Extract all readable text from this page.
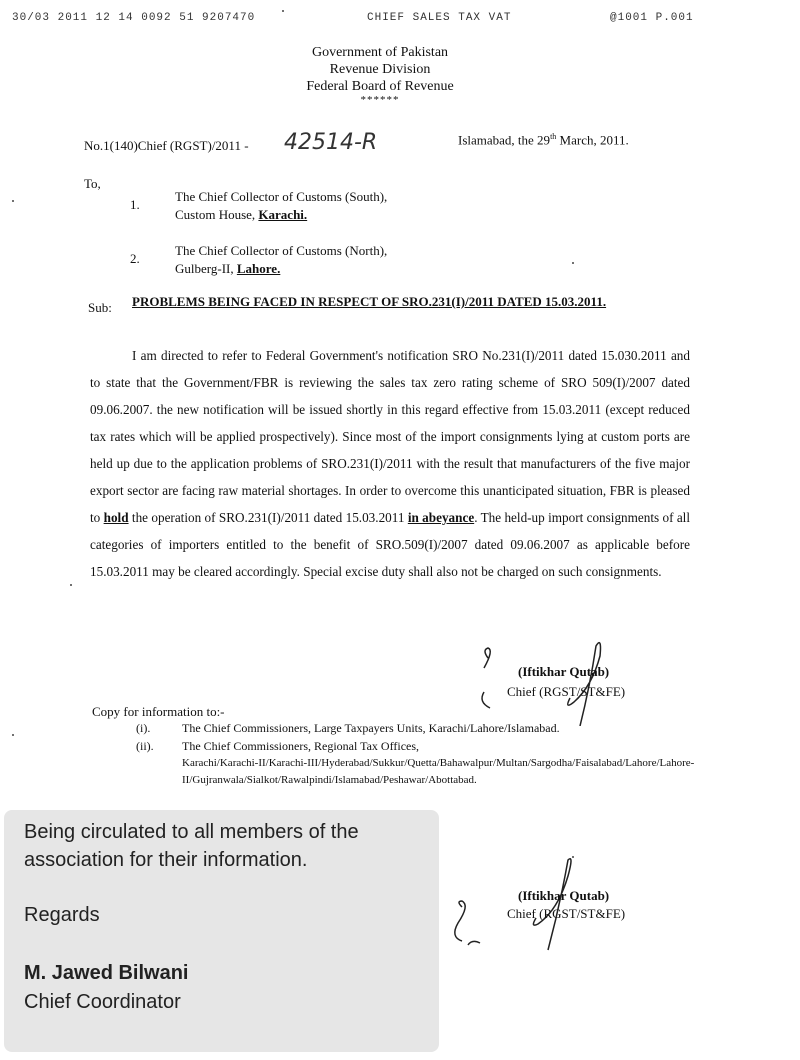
30/03 2011 12 14 0092 51 9207470	CHIEF SALES TAX VAT	@1001 P.001
Government of Pakistan
Revenue Division
Federal Board of Revenue
******
No.1(140)Chief (RGST)/2011 - 42514-R	Islamabad, the 29th March, 2011.
To,
1.
The Chief Collector of Customs (South),
Custom House, Karachi.
2.
The Chief Collector of Customs (North),
Gulberg-II, Lahore.
Sub: PROBLEMS BEING FACED IN RESPECT OF SRO.231(I)/2011 DATED 15.03.2011.
I am directed to refer to Federal Government's notification SRO No.231(I)/2011 dated 15.030.2011 and to state that the Government/FBR is reviewing the sales tax zero rating scheme of SRO 509(I)/2007 dated 09.06.2007. the new notification will be issued shortly in this regard effective from 15.03.2011 (except reduced tax rates which will be applied prospectively). Since most of the import consignments lying at custom ports are held up due to the application problems of SRO.231(I)/2011 with the result that manufacturers of the five major export sector are facing raw material shortages. In order to overcome this unanticipated situation, FBR is pleased to hold the operation of SRO.231(I)/2011 dated 15.03.2011 in abeyance. The held-up import consignments of all categories of importers entitled to the benefit of SRO.509(I)/2007 dated 09.06.2007 as applicable before 15.03.2011 may be cleared accordingly. Special excise duty shall also not be charged on such consignments.
(Iftikhar Qutab)
Chief (RGST/ST&FE)
Copy for information to:-
(i).	The Chief Commissioners, Large Taxpayers Units, Karachi/Lahore/Islamabad.
(ii). The Chief Commissioners, Regional Tax Offices,
Karachi/Karachi-II/Karachi-III/Hyderabad/Sukkur/Quetta/Bahawalpur/Multan/Sargodha/Faisalabad/Lahore/Lahore-II/Gujranwala/Sialkot/Rawalpindi/Islamabad/Peshawar/Abottabad.
(Iftikhar Qutab)
Chief (RGST/ST&FE)
Being circulated to all members of the association for their information.
Regards
M. Jawed Bilwani
Chief Coordinator
